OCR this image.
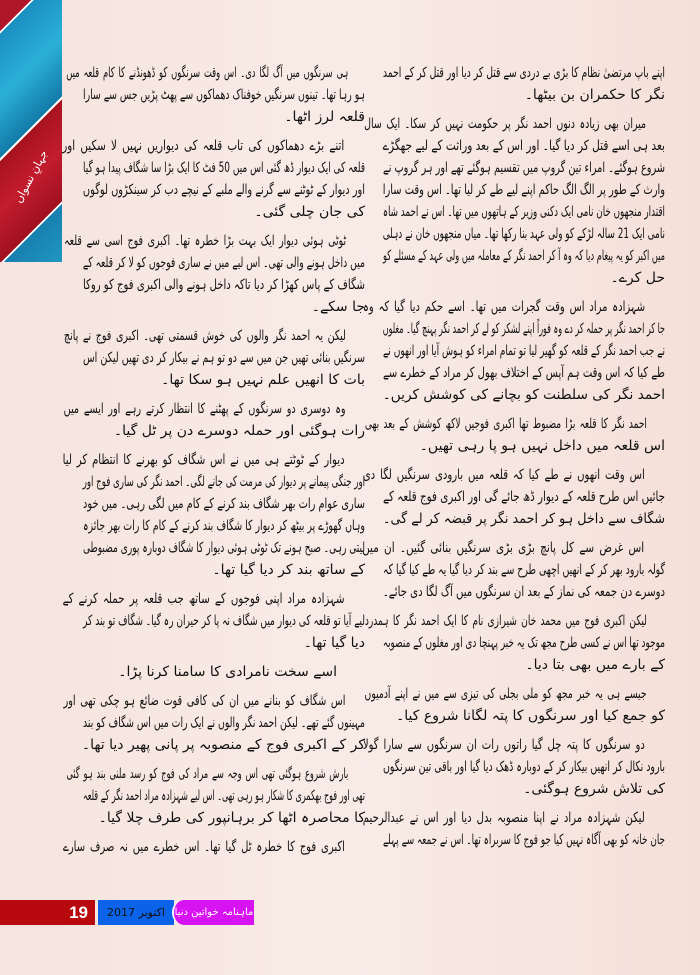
جہانِ نسواں
اپنے باپ مرتضیٰ نظام کا بڑی بے دردی سے قتل کر دیا اور قتل کر کے احمد
نگر کا حکمران بن بیٹھا۔
میران بھی زیادہ دنوں احمد نگر پر حکومت نہیں کر سکا۔ ایک سال
بعد ہی اسے قتل کر دیا گیا۔ اور اس کے بعد وراثت کے لیے جھگڑے
شروع ہوگئے۔ امراء تین گروپ میں تقسیم ہوگئے تھے اور ہر گروپ نے
وارث کے طور پر الگ الگ حاکم اپنے لیے طے کر لیا تھا۔ اس وقت سارا
اقتدار منجھوں خان نامی ایک دکنی وزیر کے ہاتھوں میں تھا۔ اس نے احمد شاہ
نامی ایک 21 سالہ لڑکے کو ولی عہد بنا رکھا تھا۔ میاں منجھوں خان نے دہلی
میں اکبر کو یہ پیغام دیا کہ وہ آ کر احمد نگر کے معاملہ میں ولی عہد کے مسئلے کو
حل کرے۔
شہزادہ مراد اس وقت گجرات میں تھا۔ اسے حکم دیا گیا کہ وہ
جا کر احمد نگر پر حملہ کر دے وہ فوراً اپنے لشکر کو لے کر احمد نگر پہنچ گیا۔ مغلوں
نے جب احمد نگر کے قلعہ کو گھیر لیا تو تمام امراء کو ہوش آیا اور انھوں نے
طے کیا کہ اس وقت ہم آپس کے اختلاف بھول کر مراد کے خطرے سے
احمد نگر کی سلطنت کو بچانے کی کوشش کریں۔
احمد نگر کا قلعہ بڑا مضبوط تھا اکبری فوجیں لاکھ کوشش کے بعد بھی
اس قلعہ میں داخل نہیں ہو پا رہی تھیں۔
اس وقت انھوں نے طے کیا کہ قلعہ میں بارودی سرنگیں لگا دی
جائیں اس طرح قلعہ کے دیوار ڈھ جائے گی اور اکبری فوج قلعہ کے
شگاف سے داخل ہو کر احمد نگر پر قبضہ کر لے گی۔
اس غرض سے کل پانچ بڑی بڑی سرنگیں بنائی گئیں۔ ان میں
گولہ بارود بھر کر کے انھیں اچھی طرح سے بند کر دیا گیا یہ طے کیا گیا کہ
دوسرے دن جمعہ کی نماز کے بعد ان سرنگوں میں آگ لگا دی جائے۔
لیکن اکبری فوج میں محمد خان شیرازی نام کا ایک احمد نگر کا ہمدرد
موجود تھا اس نے کسی طرح مجھ تک یہ خبر پہنچا دی اور مغلوں کے منصوبہ
کے بارے میں بھی بتا دیا۔
جیسے ہی یہ خبر مجھ کو ملی بجلی کی تیزی سے میں نے اپنے آدمیوں
کو جمع کیا اور سرنگوں کا پتہ لگانا شروع کیا۔
دو سرنگوں کا پتہ چل گیا راتوں رات ان سرنگوں سے سارا گولا
بارود نکال کر انھیں بیکار کر کے دوبارہ ڈھک دیا گیا اور باقی تین سرنگوں
کی تلاش شروع ہوگئی۔
لیکن شہزادہ مراد نے اپنا منصوبہ بدل دیا اور اس نے عبدالرحیم
جان خانہ کو بھی آگاہ نہیں کیا جو فوج کا سربراہ تھا۔ اس نے جمعہ سے پہلے
ہی سرنگوں میں آگ لگا دی۔ اس وقت سرنگوں کو ڈھونڈنے کا کام قلعہ میں
ہو رہا تھا۔ تینوں سرنگیں خوفناک دھماکوں سے پھٹ پڑیں جس سے سارا
قلعہ لرز اٹھا۔
اتنے بڑے دھماکوں کی تاب قلعہ کی دیواریں نہیں لا سکیں اور
قلعہ کی ایک دیوار ڈھ گئی اس میں 50 فٹ کا ایک بڑا سا شگاف پیدا ہو گیا
اور دیوار کے ٹوٹنے سے گرنے والے ملبے کے نیچے دب کر سینکڑوں لوگوں
کی جان چلی گئی۔
ٹوٹی ہوئی دیوار ایک بہت بڑا خطرہ تھا۔ اکبری فوج اسی سے قلعہ
میں داخل ہونے والی تھی۔ اس لیے میں نے ساری فوجوں کو لا کر قلعہ کے
شگاف کے پاس کھڑا کر دیا تاکہ داخل ہونے والی اکبری فوج کو روکا
جا سکے۔
لیکن یہ احمد نگر والوں کی خوش قسمتی تھی۔ اکبری فوج نے پانچ
سرنگیں بنائی تھیں جن میں سے دو تو ہم نے بیکار کر دی تھیں لیکن اس
بات کا انھیں علم نہیں ہو سکا تھا۔
وہ دوسری دو سرنگوں کے پھٹنے کا انتظار کرتے رہے اور ایسے میں
رات ہوگئی اور حملہ دوسرے دن پر ٹل گیا۔
دیوار کے ٹوٹتے ہی میں نے اس شگاف کو بھرنے کا انتظام کر لیا
اور جنگی پیمانے پر دیوار کی مرمت کی جانے لگی۔ احمد نگر کی ساری فوج اور
ساری عوام رات بھر شگاف بند کرنے کے کام میں لگی رہی۔ میں خود
وہاں گھوڑے پر بیٹھ کر دیوار کا شگاف بند کرنے کے کام کا رات بھر جائزہ
لیتی رہی۔ صبح ہونے تک ٹوٹی ہوئی دیوار کا شگاف دوبارہ پوری مضبوطی
کے ساتھ بند کر دیا گیا تھا۔
شہزادہ مراد اپنی فوجوں کے ساتھ جب قلعہ پر حملہ کرنے کے
لیے آیا تو قلعہ کی دیوار میں شگاف نہ پا کر حیران رہ گیا۔ شگاف تو بند کر
دیا گیا تھا۔
اسے سخت نامرادی کا سامنا کرنا پڑا۔
اس شگاف کو بنانے میں ان کی کافی قوت ضائع ہو چکی تھی اور
مہینوں گئے تھے۔ لیکن احمد نگر والوں نے ایک رات میں اس شگاف کو بند
کر کے اکبری فوج کے منصوبہ پر پانی پھیر دیا تھا۔
بارش شروع ہوگئی تھی اس وجہ سے مراد کی فوج کو رسد ملنی بند ہو گئی
تھی اور فوج بھکمری کا شکار ہو رہی تھی۔ اس لیے شہزادہ مراد احمد نگر کے قلعہ
کا محاصرہ اٹھا کر برہانپور کی طرف چلا گیا۔
اکبری فوج کا خطرہ ٹل گیا تھا۔ اس خطرے میں نہ صرف سارے
19	اکتوبر 2017 ماہنامہ خواتین دنیا
